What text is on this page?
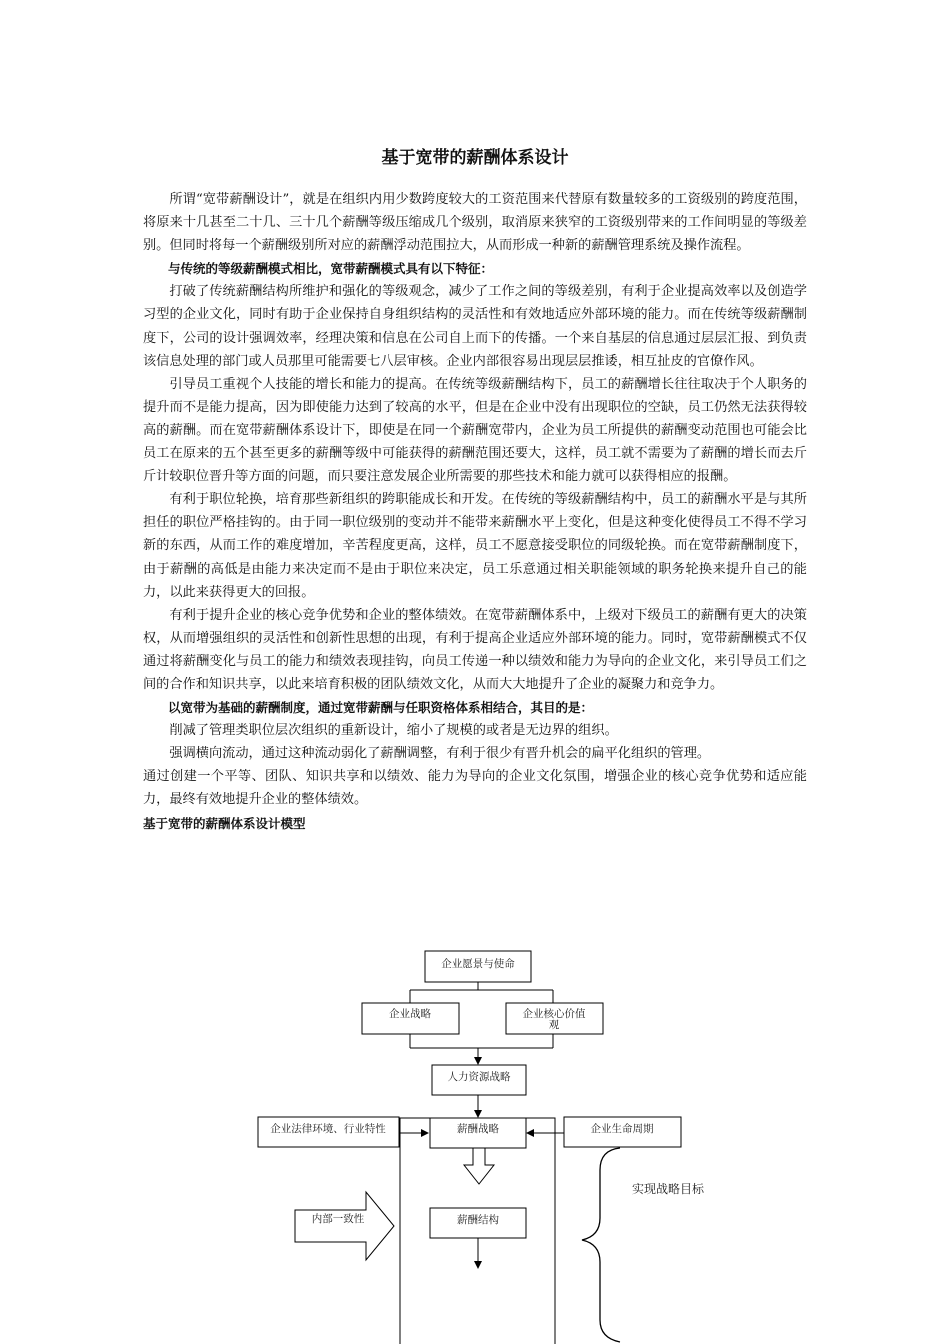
基于宽带的薪酬体系设计

所谓“宽带薪酬设计”，就是在组织内用少数跨度较大的工资范围来代替原有数量较多的工资级别的跨度范围，将原来十几甚至二十几、三十几个薪酬等级压缩成几个级别，取消原来狭窄的工资级别带来的工作间明显的等级差别。但同时将每一个薪酬级别所对应的薪酬浮动范围拉大，从而形成一种新的薪酬管理系统及操作流程。

与传统的等级薪酬模式相比，宽带薪酬模式具有以下特征：

打破了传统薪酬结构所维护和强化的等级观念，减少了工作之间的等级差别，有利于企业提高效率以及创造学习型的企业文化，同时有助于企业保持自身组织结构的灵活性和有效地适应外部环境的能力。而在传统等级薪酬制度下，公司的设计强调效率，经理决策和信息在公司自上而下的传播。一个来自基层的信息通过层层汇报、到负责该信息处理的部门或人员那里可能需要七八层审核。企业内部很容易出现层层推诿，相互扯皮的官僚作风。

引导员工重视个人技能的增长和能力的提高。在传统等级薪酬结构下，员工的薪酬增长往往取决于个人职务的提升而不是能力提高，因为即使能力达到了较高的水平，但是在企业中没有出现职位的空缺，员工仍然无法获得较高的薪酬。而在宽带薪酬体系设计下，即使是在同一个薪酬宽带内，企业为员工所提供的薪酬变动范围也可能会比员工在原来的五个甚至更多的薪酬等级中可能获得的薪酬范围还要大，这样，员工就不需要为了薪酬的增长而去斤斤计较职位晋升等方面的问题，而只要注意发展企业所需要的那些技术和能力就可以获得相应的报酬。

有利于职位轮换，培育那些新组织的跨职能成长和开发。在传统的等级薪酬结构中，员工的薪酬水平是与其所担任的职位严格挂钩的。由于同一职位级别的变动并不能带来薪酬水平上变化，但是这种变化使得员工不得不学习新的东西，从而工作的难度增加，辛苦程度更高，这样，员工不愿意接受职位的同级轮换。而在宽带薪酬制度下，由于薪酬的高低是由能力来决定而不是由于职位来决定，员工乐意通过相关职能领域的职务轮换来提升自己的能力，以此来获得更大的回报。

有利于提升企业的核心竞争优势和企业的整体绩效。在宽带薪酬体系中，上级对下级员工的薪酬有更大的决策权，从而增强组织的灵活性和创新性思想的出现，有利于提高企业适应外部环境的能力。同时，宽带薪酬模式不仅通过将薪酬变化与员工的能力和绩效表现挂钩，向员工传递一种以绩效和能力为导向的企业文化，来引导员工们之间的合作和知识共享，以此来培育积极的团队绩效文化，从而大大地提升了企业的凝聚力和竞争力。

以宽带为基础的薪酬制度，通过宽带薪酬与任职资格体系相结合，其目的是：

削减了管理类职位层次组织的重新设计，缩小了规模的或者是无边界的组织。

强调横向流动，通过这种流动弱化了薪酬调整，有利于很少有晋升机会的扁平化组织的管理。

通过创建一个平等、团队、知识共享和以绩效、能力为导向的企业文化氛围，增强企业的核心竞争优势和适应能力，最终有效地提升企业的整体绩效。

基于宽带的薪酬体系设计模型

企业愿景与使命
企业战略	企业核心价值
观
人力资源战略
薪酬战略
企业法律环境、行业特性	企业生命周期
实现战略目标
内部一致性	薪酬结构
